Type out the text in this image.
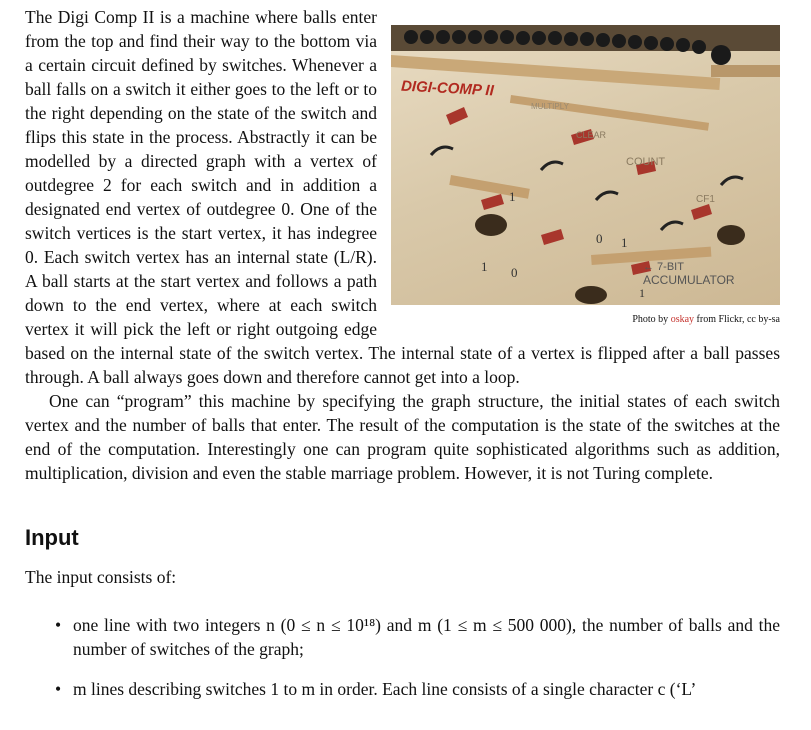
DIGI-COMP II
MULTIPLY
CLEAR
COUNT
CF1
← 7-BIT
ACCUMULATOR
1
0 1
1 0
1
Photo by oskay from Flickr, cc by-sa

The Digi Comp II is a machine where balls enter from the top and find their way to the bottom via a certain circuit defined by switches. Whenever a ball falls on a switch it either goes to the left or to the right depending on the state of the switch and flips this state in the process. Abstractly it can be modelled by a directed graph with a vertex of outdegree 2 for each switch and in addition a designated end vertex of outdegree 0. One of the switch vertices is the start vertex, it has indegree 0. Each switch vertex has an internal state (L/R). A ball starts at the start vertex and follows a path down to the end vertex, where at each switch vertex it will pick the left or right outgoing edge based on the internal state of the switch vertex. The internal state of a vertex is flipped after a ball passes through. A ball always goes down and therefore cannot get into a loop.

One can “program” this machine by specifying the graph structure, the initial states of each switch vertex and the number of balls that enter. The result of the computation is the state of the switches at the end of the computation. Interestingly one can program quite sophisticated algorithms such as addition, multiplication, division and even the stable marriage problem. However, it is not Turing complete.

Input

The input consists of:

• one line with two integers n (0 ≤ n ≤ 10¹⁸) and m (1 ≤ m ≤ 500 000), the number of balls and the number of switches of the graph;
• m lines describing switches 1 to m in order. Each line consists of a single character c (‘L’
